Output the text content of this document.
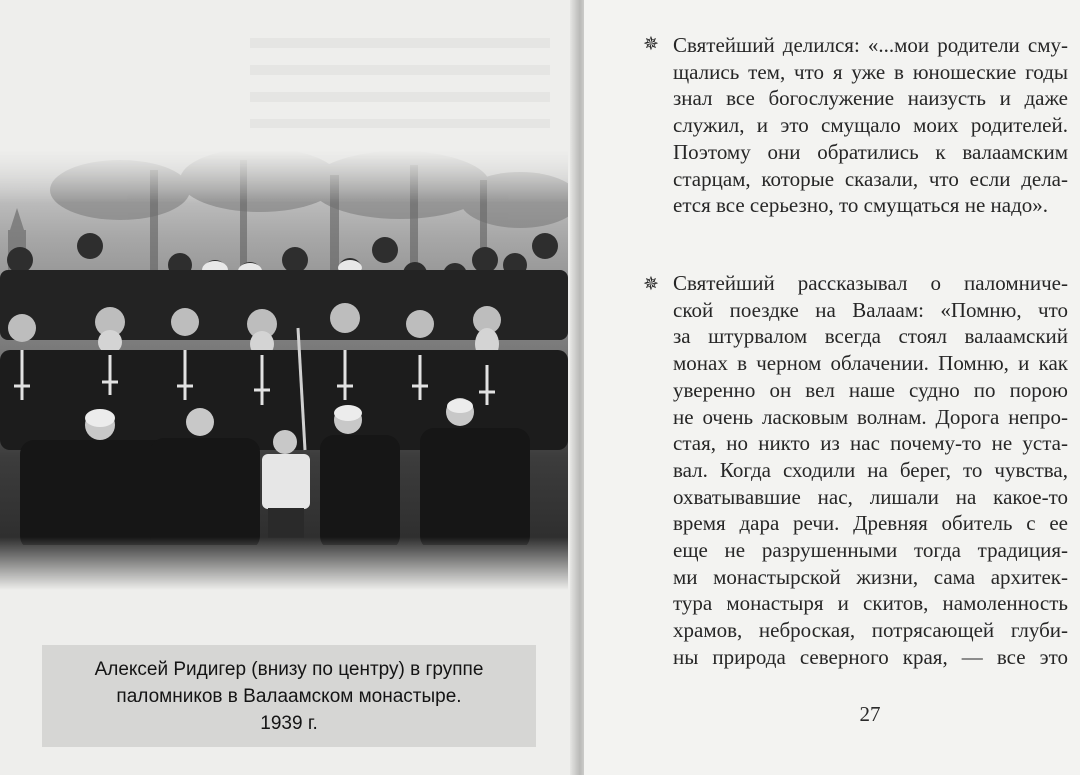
Алексей Ридигер (внизу по центру) в группе
паломников в Валаамском монастыре.
1939 г.
✵ Святейший делился: «...мои родители сму-
щались тем, что я уже в юношеские годы
знал все богослужение наизусть и даже
служил, и это смущало моих родителей.
Поэтому они обратились к валаамским
старцам, которые сказали, что если дела-
ется все серьезно, то смущаться не надо».
✵ Святейший рассказывал о паломниче-
ской поездке на Валаам: «Помню, что
за штурвалом всегда стоял валаамский
монах в черном облачении. Помню, и как
уверенно он вел наше судно по порою
не очень ласковым волнам. Дорога непро-
стая, но никто из нас почему-то не уста-
вал. Когда сходили на берег, то чувства,
охватывавшие нас, лишали на какое-то
время дара речи. Древняя обитель с ее
еще не разрушенными тогда традиция-
ми монастырской жизни, сама архитек-
тура монастыря и скитов, намоленность
храмов, неброская, потрясающей глуби-
ны природа северного края, — все это
27
